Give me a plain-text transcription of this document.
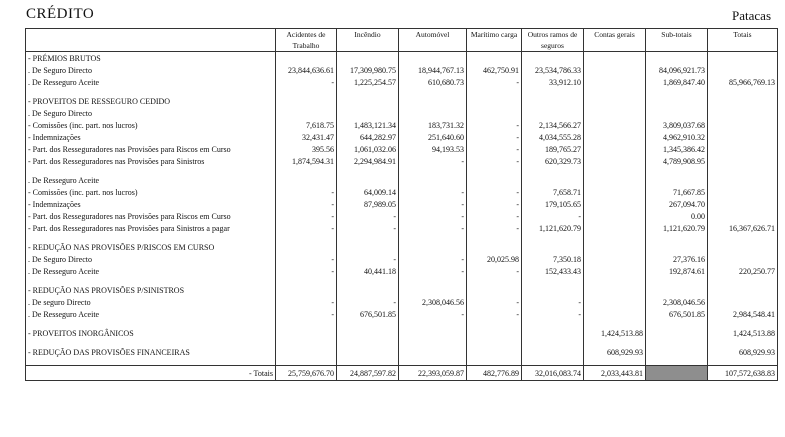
CRÉDITO	Patacas
	Acidentes de Trabalho	Incêndio	Automóvel	Marítimo carga	Outros ramos de seguros	Contas gerais	Sub-totais	Totais
- PRÉMIOS BRUTOS								
. De Seguro Directo	23,844,636.61	17,309,980.75	18,944,767.13	462,750.91	23,534,786.33		84,096,921.73	
. De Resseguro Aceite	-	1,225,254.57	610,680.73	-	33,912.10		1,869,847.40	85,966,769.13

- PROVEITOS DE RESSEGURO CEDIDO								
. De Seguro Directo								
- Comissões (inc. part. nos lucros)	7,618.75	1,483,121.34	183,731.32	-	2,134,566.27		3,809,037.68	
- Indemnizações	32,431.47	644,282.97	251,640.60	-	4,034,555.28		4,962,910.32	
- Part. dos Resseguradores nas Provisões para Riscos em Curso	395.56	1,061,032.06	94,193.53	-	189,765.27		1,345,386.42	
- Part. dos Resseguradores nas Provisões para Sinistros	1,874,594.31	2,294,984.91	-	-	620,329.73		4,789,908.95	

. De Resseguro Aceite								
- Comissões (inc. part. nos lucros)	-	64,009.14	-	-	7,658.71		71,667.85	
- Indemnizações	-	87,989.05	-	-	179,105.65		267,094.70	
- Part. dos Resseguradores nas Provisões para Riscos em Curso	-	-	-	-	-		0.00	
- Part. dos Resseguradores nas Provisões para Sinistros a pagar	-	-	-	-	1,121,620.79		1,121,620.79	16,367,626.71

- REDUÇÃO NAS PROVISÕES P/RISCOS EM CURSO								
. De Seguro Directo	-	-	-	20,025.98	7,350.18		27,376.16	
. De Resseguro Aceite	-	40,441.18	-	-	152,433.43		192,874.61	220,250.77

- REDUÇÃO NAS PROVISÕES P/SINISTROS								
. De seguro Directo	-	-	2,308,046.56	-	-		2,308,046.56	
. De Resseguro Aceite	-	676,501.85	-	-	-		676,501.85	2,984,548.41

- PROVEITOS INORGÂNICOS						1,424,513.88		1,424,513.88

- REDUÇÃO DAS PROVISÕES FINANCEIRAS						608,929.93		608,929.93

- Totais	25,759,676.70	24,887,597.82	22,393,059.87	482,776.89	32,016,083.74	2,033,443.81		107,572,638.83
